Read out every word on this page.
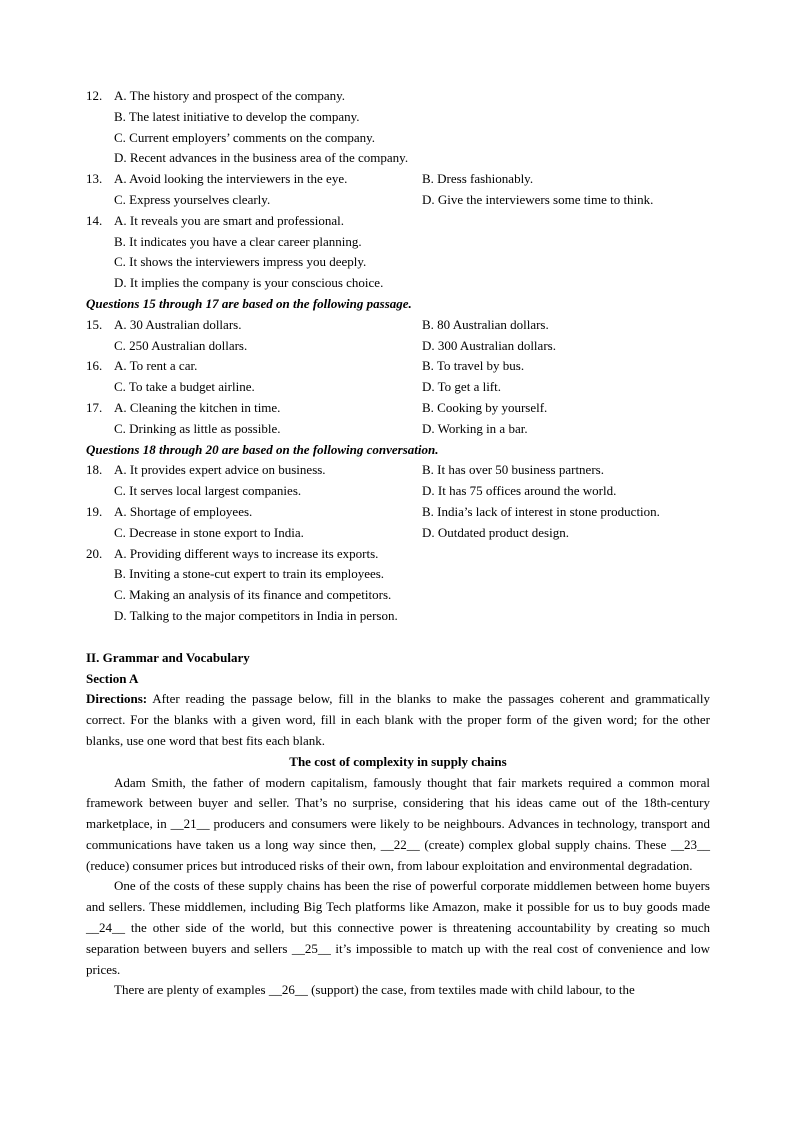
12. A. The history and prospect of the company.
B. The latest initiative to develop the company.
C. Current employers’ comments on the company.
D. Recent advances in the business area of the company.
13. A. Avoid looking the interviewers in the eye.	B. Dress fashionably.
C. Express yourselves clearly.	D. Give the interviewers some time to think.
14. A. It reveals you are smart and professional.
B. It indicates you have a clear career planning.
C. It shows the interviewers impress you deeply.
D. It implies the company is your conscious choice.
Questions 15 through 17 are based on the following passage.
15. A. 30 Australian dollars.	B. 80 Australian dollars.
C. 250 Australian dollars.	D. 300 Australian dollars.
16. A. To rent a car.	B. To travel by bus.
C. To take a budget airline.	D. To get a lift.
17. A. Cleaning the kitchen in time.	B. Cooking by yourself.
C. Drinking as little as possible.	D. Working in a bar.
Questions 18 through 20 are based on the following conversation.
18. A. It provides expert advice on business.	B. It has over 50 business partners.
C. It serves local largest companies.	D. It has 75 offices around the world.
19. A. Shortage of employees.	B. India’s lack of interest in stone production.
C. Decrease in stone export to India.	D. Outdated product design.
20. A. Providing different ways to increase its exports.
B. Inviting a stone-cut expert to train its employees.
C. Making an analysis of its finance and competitors.
D. Talking to the major competitors in India in person.
II. Grammar and Vocabulary
Section A

Directions: After reading the passage below, fill in the blanks to make the passages coherent and grammatically correct. For the blanks with a given word, fill in each blank with the proper form of the given word; for the other blanks, use one word that best fits each blank.

The cost of complexity in supply chains

Adam Smith, the father of modern capitalism, famously thought that fair markets required a common moral framework between buyer and seller. That’s no surprise, considering that his ideas came out of the 18th-century marketplace, in __21__ producers and consumers were likely to be neighbours. Advances in technology, transport and communications have taken us a long way since then, __22__ (create) complex global supply chains. These __23__ (reduce) consumer prices but introduced risks of their own, from labour exploitation and environmental degradation.

One of the costs of these supply chains has been the rise of powerful corporate middlemen between home buyers and sellers. These middlemen, including Big Tech platforms like Amazon, make it possible for us to buy goods made __24__ the other side of the world, but this connective power is threatening accountability by creating so much separation between buyers and sellers __25__ it’s impossible to match up with the real cost of convenience and low prices.

There are plenty of examples __26__ (support) the case, from textiles made with child labour, to the
